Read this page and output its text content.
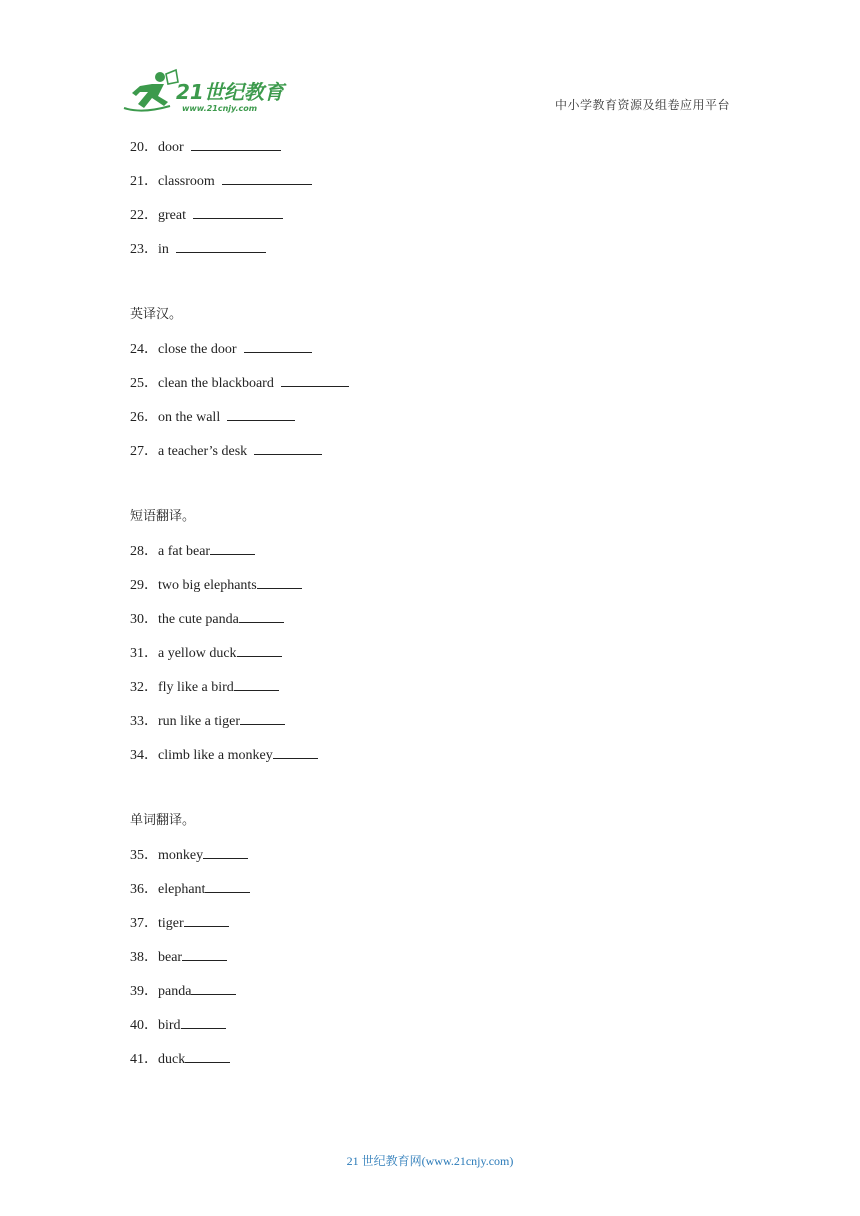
21世纪教育
www.21cnjy.com	中小学教育资源及组卷应用平台
20．door
21．classroom
22．great
23．in
英译汉。
24．close the door
25．clean the blackboard
26．on the wall
27．a teacher’s desk
短语翻译。
28．a fat bear
29．two big elephants
30．the cute panda
31．a yellow duck
32．fly like a bird
33．run like a tiger
34．climb like a monkey
单词翻译。
35．monkey
36．elephant
37．tiger
38．bear
39．panda
40．bird
41．duck
21 世纪教育网(www.21cnjy.com)
